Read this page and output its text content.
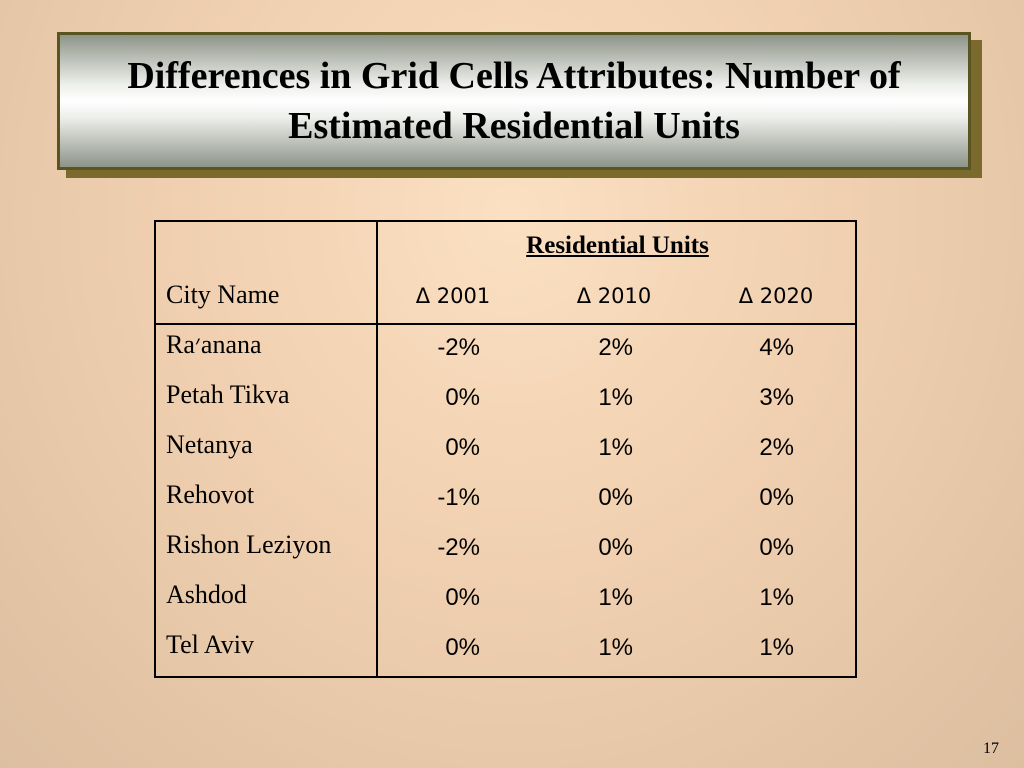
Differences in Grid Cells Attributes: Number of Estimated Residential Units
Residential Units
City Name	Δ 2001	Δ 2010	Δ 2020
Ra׳anana	-2%	2%	4%
Petah Tikva	0%	1%	3%
Netanya	0%	1%	2%
Rehovot	-1%	0%	0%
Rishon Leziyon	-2%	0%	0%
Ashdod	0%	1%	1%
Tel Aviv	0%	1%	1%
17
